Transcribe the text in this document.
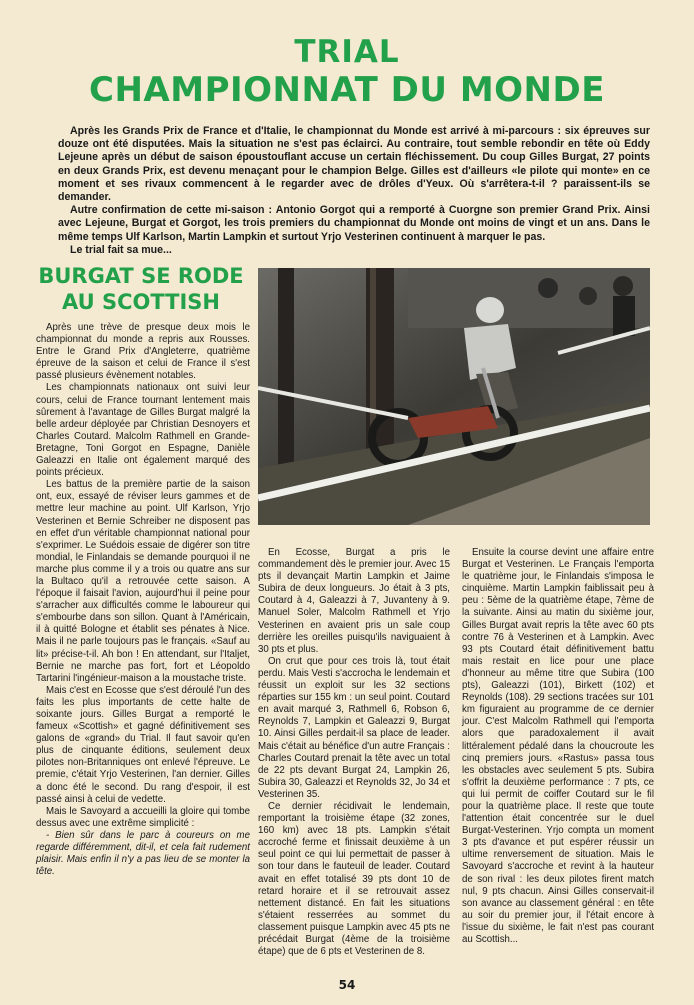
TRIAL
CHAMPIONNAT DU MONDE

Après les Grands Prix de France et d'Italie, le championnat du Monde est arrivé à mi-parcours : six épreuves sur douze ont été disputées. Mais la situation ne s'est pas éclairci. Au contraire, tout semble rebondir en tête où Eddy Lejeune après un début de saison époustouflant accuse un certain fléchissement. Du coup Gilles Burgat, 27 points en deux Grands Prix, est devenu menaçant pour le champion Belge. Gilles est d'ailleurs «le pilote qui monte» en ce moment et ses rivaux commencent à le regarder avec de drôles d'Yeux. Où s'arrêtera-t-il ? paraissent-ils se demander.

Autre confirmation de cette mi-saison : Antonio Gorgot qui a remporté à Cuorgne son premier Grand Prix. Ainsi avec Lejeune, Burgat et Gorgot, les trois premiers du championnat du Monde ont moins de vingt et un ans. Dans le même temps Ulf Karlson, Martin Lampkin et surtout Yrjo Vesterinen continuent à marquer le pas.

Le trial fait sa mue...

BURGAT SE RODE
AU SCOTTISH

Après une trève de presque deux mois le championnat du monde a repris aux Rousses. Entre le Grand Prix d'Angleterre, quatrième épreuve de la saison et celui de France il s'est passé plusieurs évènement notables.

Les championnats nationaux ont suivi leur cours, celui de France tournant lentement mais sûrement à l'avantage de Gilles Burgat malgré la belle ardeur déployée par Christian Desnoyers et Charles Coutard. Malcolm Rathmell en Grande-Bretagne, Toni Gorgot en Espagne, Danièle Galeazzi en Italie ont également marqué des points précieux.

Les battus de la première partie de la saison ont, eux, essayé de réviser leurs gammes et de mettre leur machine au point. Ulf Karlson, Yrjo Vesterinen et Bernie Schreiber ne disposent pas en effet d'un véritable championnat national pour s'exprimer. Le Suédois essaie de digérer son titre mondial, le Finlandais se demande pourquoi il ne marche plus comme il y a trois ou quatre ans sur la Bultaco qu'il a retrouvée cette saison. A l'époque il faisait l'avion, aujourd'hui il peine pour s'arracher aux difficultés comme le laboureur qui s'embourbe dans son sillon. Quant à l'Américain, il à quitté Bologne et établit ses pénates à Nice. Mais il ne parle toujours pas le français. «Sauf au lit» précise-t-il. Ah bon ! En attendant, sur l'Italjet, Bernie ne marche pas fort, fort et Léopoldo Tartarini l'ingénieur-maison a la moustache triste.

Mais c'est en Ecosse que s'est déroulé l'un des faits les plus importants de cette halte de soixante jours. Gilles Burgat a remporté le fameux «Scottish» et gagné définitivement ses galons de «grand» du Trial. Il faut savoir qu'en plus de cinquante éditions, seulement deux pilotes non-Britanniques ont enlevé l'épreuve. Le premie, c'était Yrjo Vesterinen, l'an dernier. Gilles a donc été le second. Du rang d'espoir, il est passé ainsi à celui de vedette.

Mais le Savoyard a accueilli la gloire qui tombe dessus avec une extrême simplicité :

- Bien sûr dans le parc à coureurs on me regarde différemment, dit-il, et cela fait rudement plaisir. Mais enfin il n'y a pas lieu de se monter la tête.

En Ecosse, Burgat a pris le commandement dès le premier jour. Avec 15 pts il devançait Martin Lampkin et Jaime Subira de deux longueurs. Jo était à 3 pts, Coutard à 4, Galeazzi à 7, Juvanteny à 9. Manuel Soler, Malcolm Rathmell et Yrjo Vesterinen en avaient pris un sale coup derrière les oreilles puisqu'ils naviguaient à 30 pts et plus.

On crut que pour ces trois là, tout était perdu. Mais Vesti s'accrocha le lendemain et réussit un exploit sur les 32 sections réparties sur 155 km : un seul point. Coutard en avait marqué 3, Rathmell 6, Robson 6, Reynolds 7, Lampkin et Galeazzi 9, Burgat 10. Ainsi Gilles perdait-il sa place de leader. Mais c'était au bénéfice d'un autre Français : Charles Coutard prenait la tête avec un total de 22 pts devant Burgat 24, Lampkin 26, Subira 30, Galeazzi et Reynolds 32, Jo 34 et Vesterinen 35.

Ce dernier récidivait le lendemain, remportant la troisième étape (32 zones, 160 km) avec 18 pts. Lampkin s'était accroché ferme et finissait deuxième à un seul point ce qui lui permettait de passer à son tour dans le fauteuil de leader. Coutard avait en effet totalisé 39 pts dont 10 de retard horaire et il se retrouvait assez nettement distancé. En fait les situations s'étaient resserrées au sommet du classement puisque Lampkin avec 45 pts ne précédait Burgat (4ème de la troisième étape) que de 6 pts et Vesterinen de 8.

Ensuite la course devint une affaire entre Burgat et Vesterinen. Le Français l'emporta le quatrième jour, le Finlandais s'imposa le cinquième. Martin Lampkin faiblissait peu à peu : 5ème de la quatrième étape, 7ème de la suivante. Ainsi au matin du sixième jour, Gilles Burgat avait repris la tête avec 60 pts contre 76 à Vesterinen et à Lampkin. Avec 93 pts Coutard était définitivement battu mais restait en lice pour une place d'honneur au même titre que Subira (100 pts), Galeazzi (101), Birkett (102) et Reynolds (108). 29 sections tracées sur 101 km figuraient au programme de ce dernier jour. C'est Malcolm Rathmell qui l'emporta alors que paradoxalement il avait littéralement pédalé dans la choucroute les cinq premiers jours. «Rastus» passa tous les obstacles avec seulement 5 pts. Subira s'offrit la deuxième performance : 7 pts, ce qui lui permit de coiffer Coutard sur le fil pour la quatrième place. Il reste que toute l'attention était concentrée sur le duel Burgat-Vesterinen. Yrjo compta un moment 3 pts d'avance et put espérer réussir un ultime renversement de situation. Mais le Savoyard s'accroche et revint à la hauteur de son rival : les deux pilotes firent match nul, 9 pts chacun. Ainsi Gilles conservait-il son avance au classement général : en tête au soir du premier jour, il l'était encore à l'issue du sixième, le fait n'est pas courant au Scottish...

54
